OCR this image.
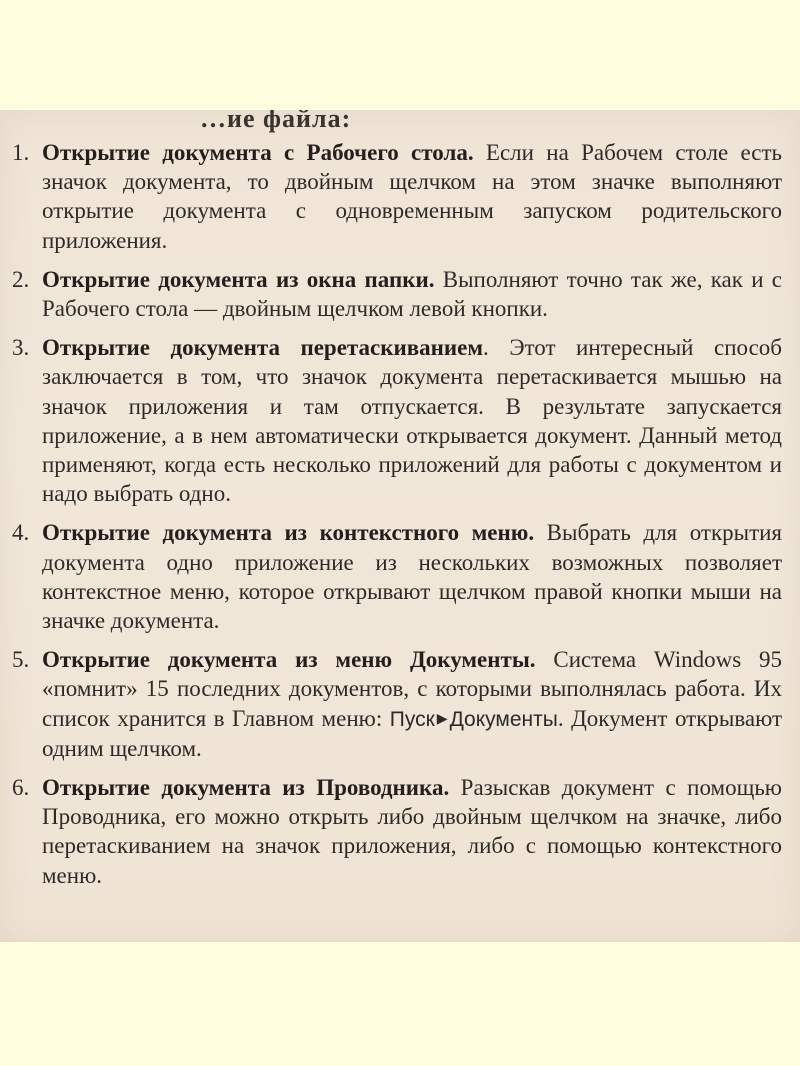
…ие файла:
1. Открытие документа с Рабочего стола. Если на Рабочем столе есть значок документа, то двойным щелчком на этом значке выполняют открытие документа с одновременным запуском родительского приложения.
2. Открытие документа из окна папки. Выполняют точно так же, как и с Рабочего стола — двойным щелчком левой кнопки.
3. Открытие документа перетаскиванием. Этот интересный способ заключается в том, что значок документа перетаскивается мышью на значок приложения и там отпускается. В результате запускается приложение, а в нем автоматически открывается документ. Данный метод применяют, когда есть несколько приложений для работы с документом и надо выбрать одно.
4. Открытие документа из контекстного меню. Выбрать для открытия документа одно приложение из нескольких возможных позволяет контекстное меню, которое открывают щелчком правой кнопки мыши на значке документа.
5. Открытие документа из меню Документы. Система Windows 95 «помнит» 15 последних документов, с которыми выполнялась работа. Их список хранится в Главном меню: Пуск ▶Документы. Документ открывают одним щелчком.
6. Открытие документа из Проводника. Разыскав документ с помощью Проводника, его можно открыть либо двойным щелчком на значке, либо перетаскиванием на значок приложения, либо с помощью контекстного меню.
